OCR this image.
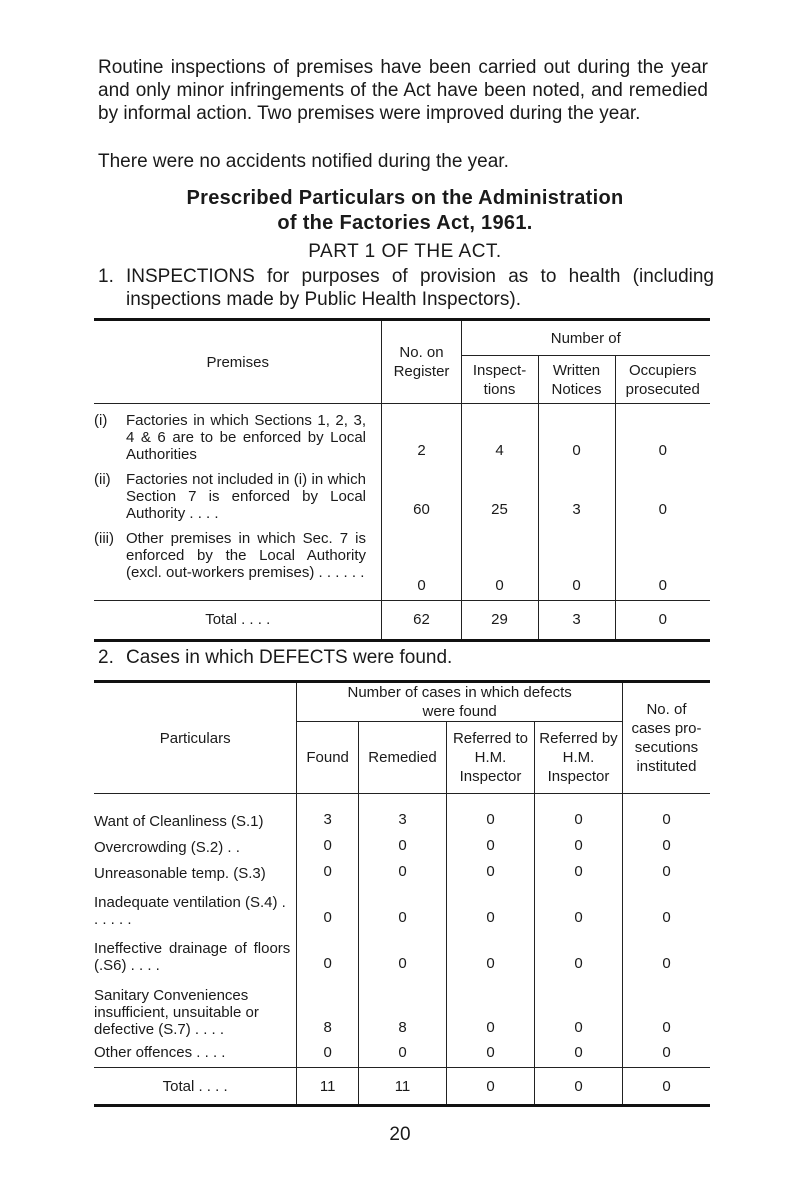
Routine inspections of premises have been carried out during the year and only minor infringements of the Act have been noted, and remedied by informal action. Two premises were improved during the year.

There were no accidents notified during the year.

Prescribed Particulars on the Administration

of the Factories Act, 1961.

PART 1 OF THE ACT.

1. INSPECTIONS for purposes of provision as to health (including inspections made by Public Health Inspectors).
Premises	No. on Register	Number of		
		Inspect- tions	Written Notices	Occupiers prosecuted
(i) Factories in which Sections 1, 2, 3, 4 & 6 are to be enforced by Local Authorities	2	4	0	0
(ii) Factories not included in (i) in which Section 7 is enforced by Local Authority . . . .	60	25	3	0
(iii) Other premises in which Sec. 7 is enforced by the Local Authority (excl. out-workers premises) . . . . . .	0	0	0	0
Total . . . .	62	29	3	0
2. Cases in which DEFECTS were found.
Particulars	Number of cases in which defects were found				No. of cases pro- secutions instituted
	Found	Remedied	Referred to H.M. Inspector	Referred by H.M. Inspector	
Want of Cleanliness (S.1)	3	3	0	0	0
Overcrowding (S.2) . .	0	0	0	0	0
Unreasonable temp. (S.3)	0	0	0	0	0
Inadequate ventilation (S.4) . . . . . .	0	0	0	0	0
Ineffective drainage of floors (.S6) . . . .	0	0	0	0	0
Sanitary Conveniences insufficient, unsuitable or defective (S.7) . . . .	8	8	0	0	0
Other offences . . . .	0	0	0	0	0
Total . . . .	11	11	0	0	0
20
